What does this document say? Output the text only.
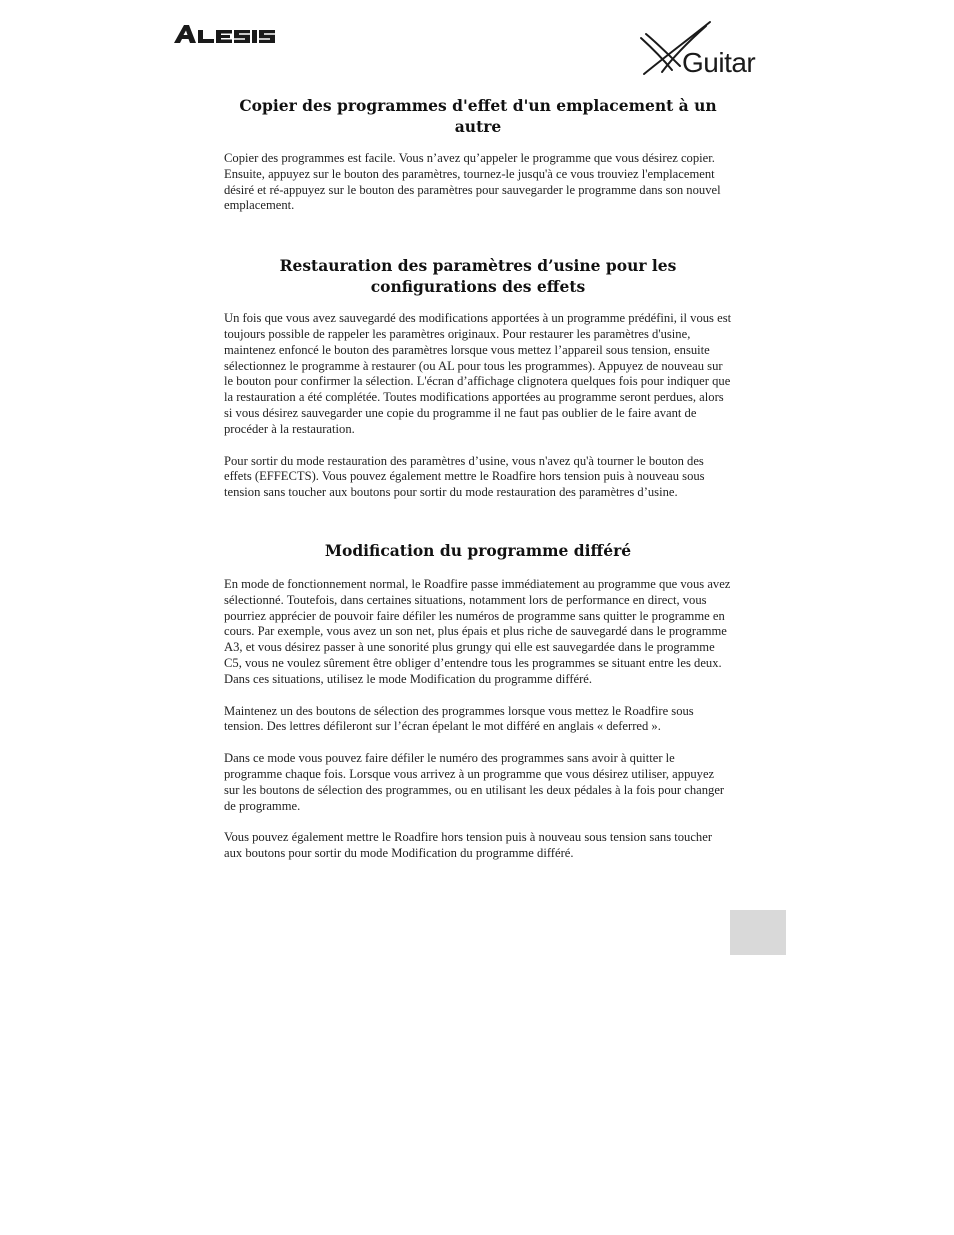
Guitar
Copier des programmes d'effet d'un emplacement à un autre

Copier des programmes est facile. Vous n’avez qu’appeler le programme que vous désirez copier. Ensuite, appuyez sur le bouton des paramètres, tournez-le jusqu'à ce vous trouviez l'emplacement désiré et ré-appuyez sur le bouton des paramètres pour sauvegarder le programme dans son nouvel emplacement.

Restauration des paramètres d’usine pour les configurations des effets

Un fois que vous avez sauvegardé des modifications apportées à un programme prédéfini, il vous est toujours possible de rappeler les paramètres originaux. Pour restaurer les paramètres d'usine, maintenez enfoncé le bouton des paramètres lorsque vous mettez l’appareil sous tension, ensuite sélectionnez le programme à restaurer (ou AL pour tous les programmes). Appuyez de nouveau sur le bouton pour confirmer la sélection. L'écran d’affichage clignotera quelques fois pour indiquer que la restauration a été complétée. Toutes modifications apportées au programme seront perdues, alors si vous désirez sauvegarder une copie du programme il ne faut pas oublier de le faire avant de procéder à la restauration.

Pour sortir du mode restauration des paramètres d’usine, vous n'avez qu'à tourner le bouton des effets (EFFECTS). Vous pouvez également mettre le Roadfire hors tension puis à nouveau sous tension sans toucher aux boutons pour sortir du mode restauration des paramètres d’usine.

Modification du programme différé

En mode de fonctionnement normal, le Roadfire passe immédiatement au programme que vous avez sélectionné. Toutefois, dans certaines situations, notamment lors de performance en direct, vous pourriez apprécier de pouvoir faire défiler les numéros de programme sans quitter le programme en cours. Par exemple, vous avez un son net, plus épais et plus riche de sauvegardé dans le programme A3, et vous désirez passer à une sonorité plus grungy qui elle est sauvegardée dans le programme C5, vous ne voulez sûrement être obliger d’entendre tous les programmes se situant entre les deux. Dans ces situations, utilisez le mode Modification du programme différé.

Maintenez un des boutons de sélection des programmes lorsque vous mettez le Roadfire sous tension. Des lettres défileront sur l’écran épelant le mot différé en anglais « deferred ».

Dans ce mode vous pouvez faire défiler le numéro des programmes sans avoir à quitter le programme chaque fois. Lorsque vous arrivez à un programme que vous désirez utiliser, appuyez sur les boutons de sélection des programmes, ou en utilisant les deux pédales à la fois pour changer de programme.

Vous pouvez également mettre le Roadfire hors tension puis à nouveau sous tension sans toucher aux boutons pour sortir du mode Modification du programme différé.
